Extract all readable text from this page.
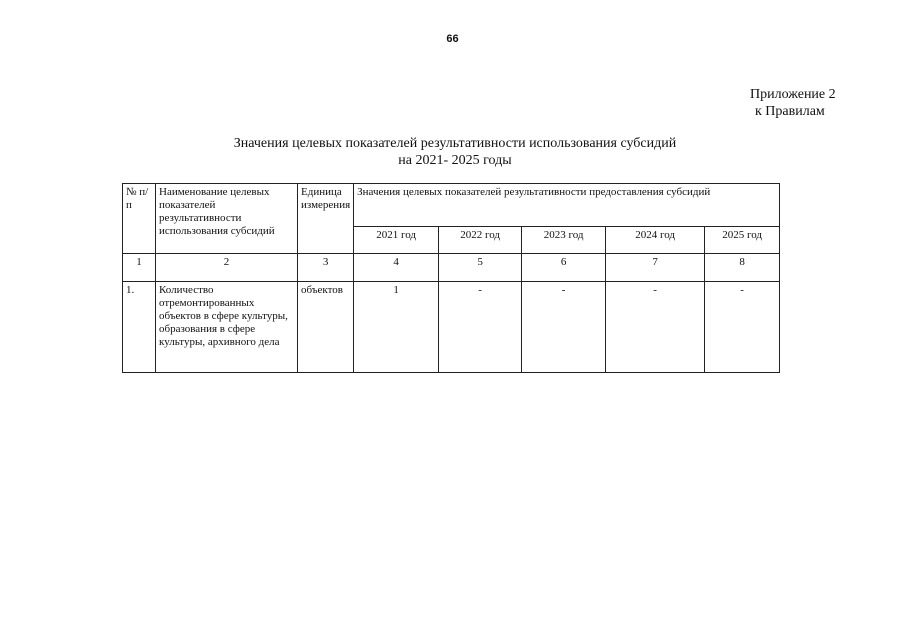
66
Приложение 2
к Правилам
Значения целевых показателей результативности использования субсидий
на 2021- 2025 годы
№ п/п	Наименование целевых показателей результативности использования субсидий	Единица измерения	Значения целевых показателей результативности предоставления субсидий				
			2021 год	2022 год	2023 год	2024 год	2025 год
1	2	3	4	5	6	7	8
1.	Количество отремонтированных объектов в сфере культуры, образования в сфере культуры, архивного дела	объектов	1	-	-	-	-
